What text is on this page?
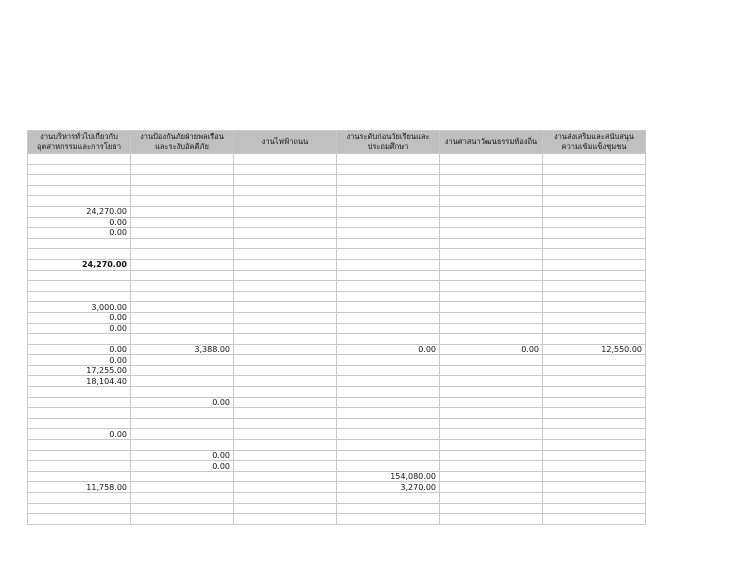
งานบริหารทั่วไปเกี่ยวกับอุตสาหกรรมและการโยธา	งานป้องกันภัยฝ่ายพลเรือนและระงับอัคคีภัย	งานไฟฟ้าถนน	งานระดับก่อนวัยเรียนและประถมศึกษา	งานศาสนาวัฒนธรรมท้องถิ่น	งานส่งเสริมและสนับสนุนความเข้มแข็งชุมชน

24,270.00					
0.00					
0.00					

24,270.00					

3,000.00					
0.00					
0.00					

0.00	3,388.00		0.00	0.00	12,550.00
0.00					
17,255.00					
18,104.40					

	0.00				

0.00					

	0.00				
	0.00				
			154,080.00		
11,758.00			3,270.00		
